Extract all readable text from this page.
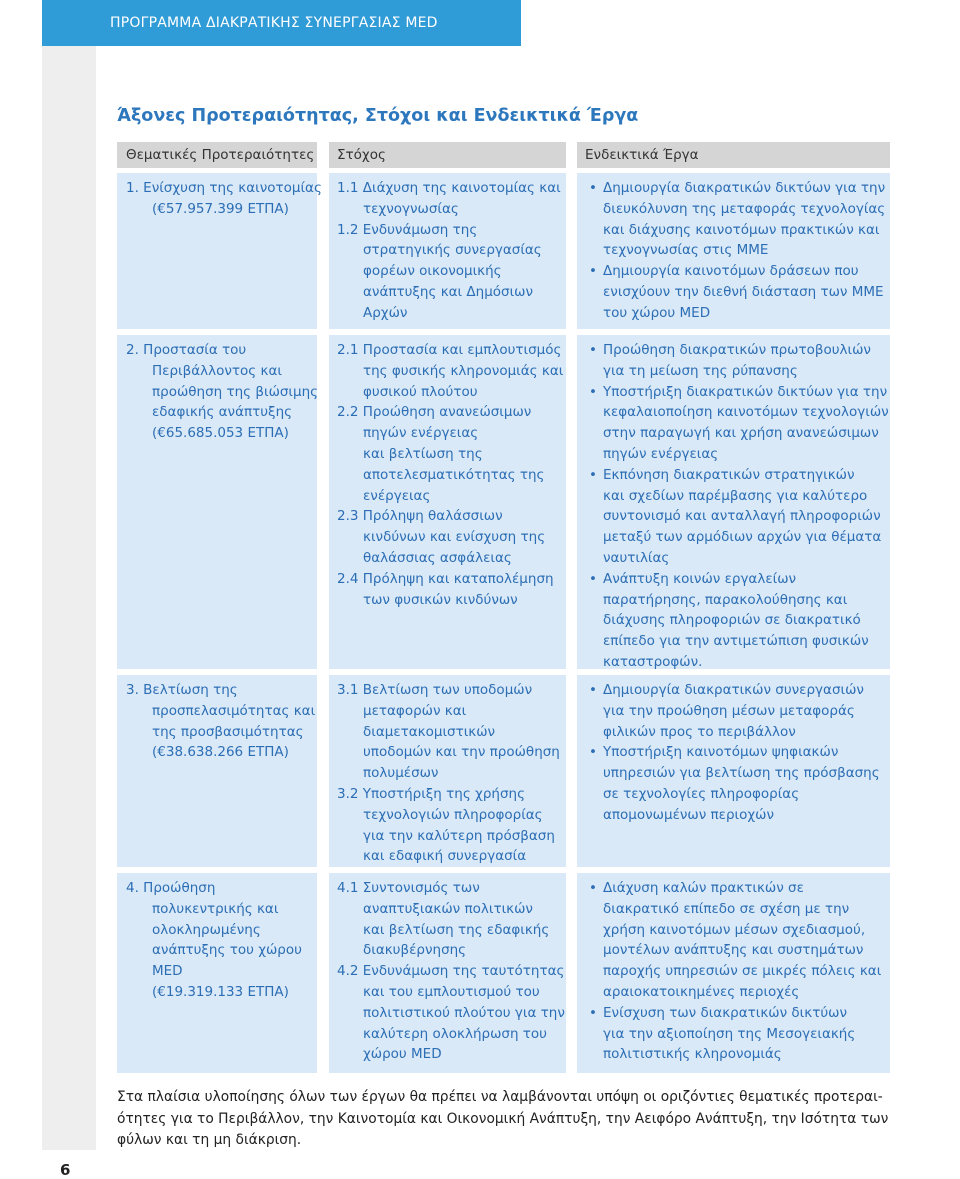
ΠΡΟΓΡΑΜΜΑ ΔΙΑΚΡΑΤΙΚΗΣ ΣΥΝΕΡΓΑΣΙΑΣ MED
Άξονες Προτεραιότητας, Στόχοι και Ενδεικτικά Έργα
Θεματικές Προτεραιότητες	Στόχος	Ενδεικτικά Έργα

1. Ενίσχυση της καινοτομίας

(€57.957.399 ΕΤΠΑ)

1.1 Διάχυση της καινοτομίας και

τεχνογνωσίας

1.2 Ενδυνάμωση της

στρατηγικής συνεργασίας

φορέων οικονομικής

ανάπτυξης και Δημόσιων

Αρχών

• Δημιουργία διακρατικών δικτύων για την

διευκόλυνση της μεταφοράς τεχνολογίας

και διάχυσης καινοτόμων πρακτικών και

τεχνογνωσίας στις ΜΜΕ

• Δημιουργία καινοτόμων δράσεων που

ενισχύουν την διεθνή διάσταση των ΜΜΕ

του χώρου MED

2. Προστασία του

Περιβάλλοντος και

προώθηση της βιώσιμης

εδαφικής ανάπτυξης

(€65.685.053 ΕΤΠΑ)

2.1 Προστασία και εμπλουτισμός

της φυσικής κληρονομιάς και

φυσικού πλούτου

2.2 Προώθηση ανανεώσιμων

πηγών ενέργειας

και βελτίωση της

αποτελεσματικότητας της

ενέργειας

2.3 Πρόληψη θαλάσσιων

κινδύνων και ενίσχυση της

θαλάσσιας ασφάλειας

2.4 Πρόληψη και καταπολέμηση

των φυσικών κινδύνων

• Προώθηση διακρατικών πρωτοβουλιών

για τη μείωση της ρύπανσης

• Υποστήριξη διακρατικών δικτύων για την

κεφαλαιοποίηση καινοτόμων τεχνολογιών

στην παραγωγή και χρήση ανανεώσιμων

πηγών ενέργειας

• Εκπόνηση διακρατικών στρατηγικών

και σχεδίων παρέμβασης για καλύτερο

συντονισμό και ανταλλαγή πληροφοριών

μεταξύ των αρμόδιων αρχών για θέματα

ναυτιλίας

• Ανάπτυξη κοινών εργαλείων

παρατήρησης, παρακολούθησης και

διάχυσης πληροφοριών σε διακρατικό

επίπεδο για την αντιμετώπιση φυσικών

καταστροφών.

3. Βελτίωση της

προσπελασιμότητας και

της προσβασιμότητας

(€38.638.266 ΕΤΠΑ)

3.1 Βελτίωση των υποδομών

μεταφορών και

διαμετακομιστικών

υποδομών και την προώθηση

πολυμέσων

3.2 Υποστήριξη της χρήσης

τεχνολογιών πληροφορίας

για την καλύτερη πρόσβαση

και εδαφική συνεργασία

• Δημιουργία διακρατικών συνεργασιών

για την προώθηση μέσων μεταφοράς

φιλικών προς το περιβάλλον

• Υποστήριξη καινοτόμων ψηφιακών

υπηρεσιών για βελτίωση της πρόσβασης

σε τεχνολογίες πληροφορίας

απομονωμένων περιοχών

4. Προώθηση

πολυκεντρικής και

ολοκληρωμένης

ανάπτυξης του χώρου

MED

(€19.319.133 ΕΤΠΑ)

4.1 Συντονισμός των

αναπτυξιακών πολιτικών

και βελτίωση της εδαφικής

διακυβέρνησης

4.2 Ενδυνάμωση της ταυτότητας

και του εμπλουτισμού του

πολιτιστικού πλούτου για την

καλύτερη ολοκλήρωση του

χώρου MED

• Διάχυση καλών πρακτικών σε

διακρατικό επίπεδο σε σχέση με την

χρήση καινοτόμων μέσων σχεδιασμού,

μοντέλων ανάπτυξης και συστημάτων

παροχής υπηρεσιών σε μικρές πόλεις και

αραιοκατοικημένες περιοχές

• Ενίσχυση των διακρατικών δικτύων

για την αξιοποίηση της Μεσογειακής

πολιτιστικής κληρονομιάς

Στα πλαίσια υλοποίησης όλων των έργων θα πρέπει να λαμβάνονται υπόψη οι οριζόντιες θεματικές προτεραι-

ότητες για το Περιβάλλον, την Καινοτομία και Οικονομική Ανάπτυξη, την Αειφόρο Ανάπτυξη, την Ισότητα των

φύλων και τη μη διάκριση.

6
